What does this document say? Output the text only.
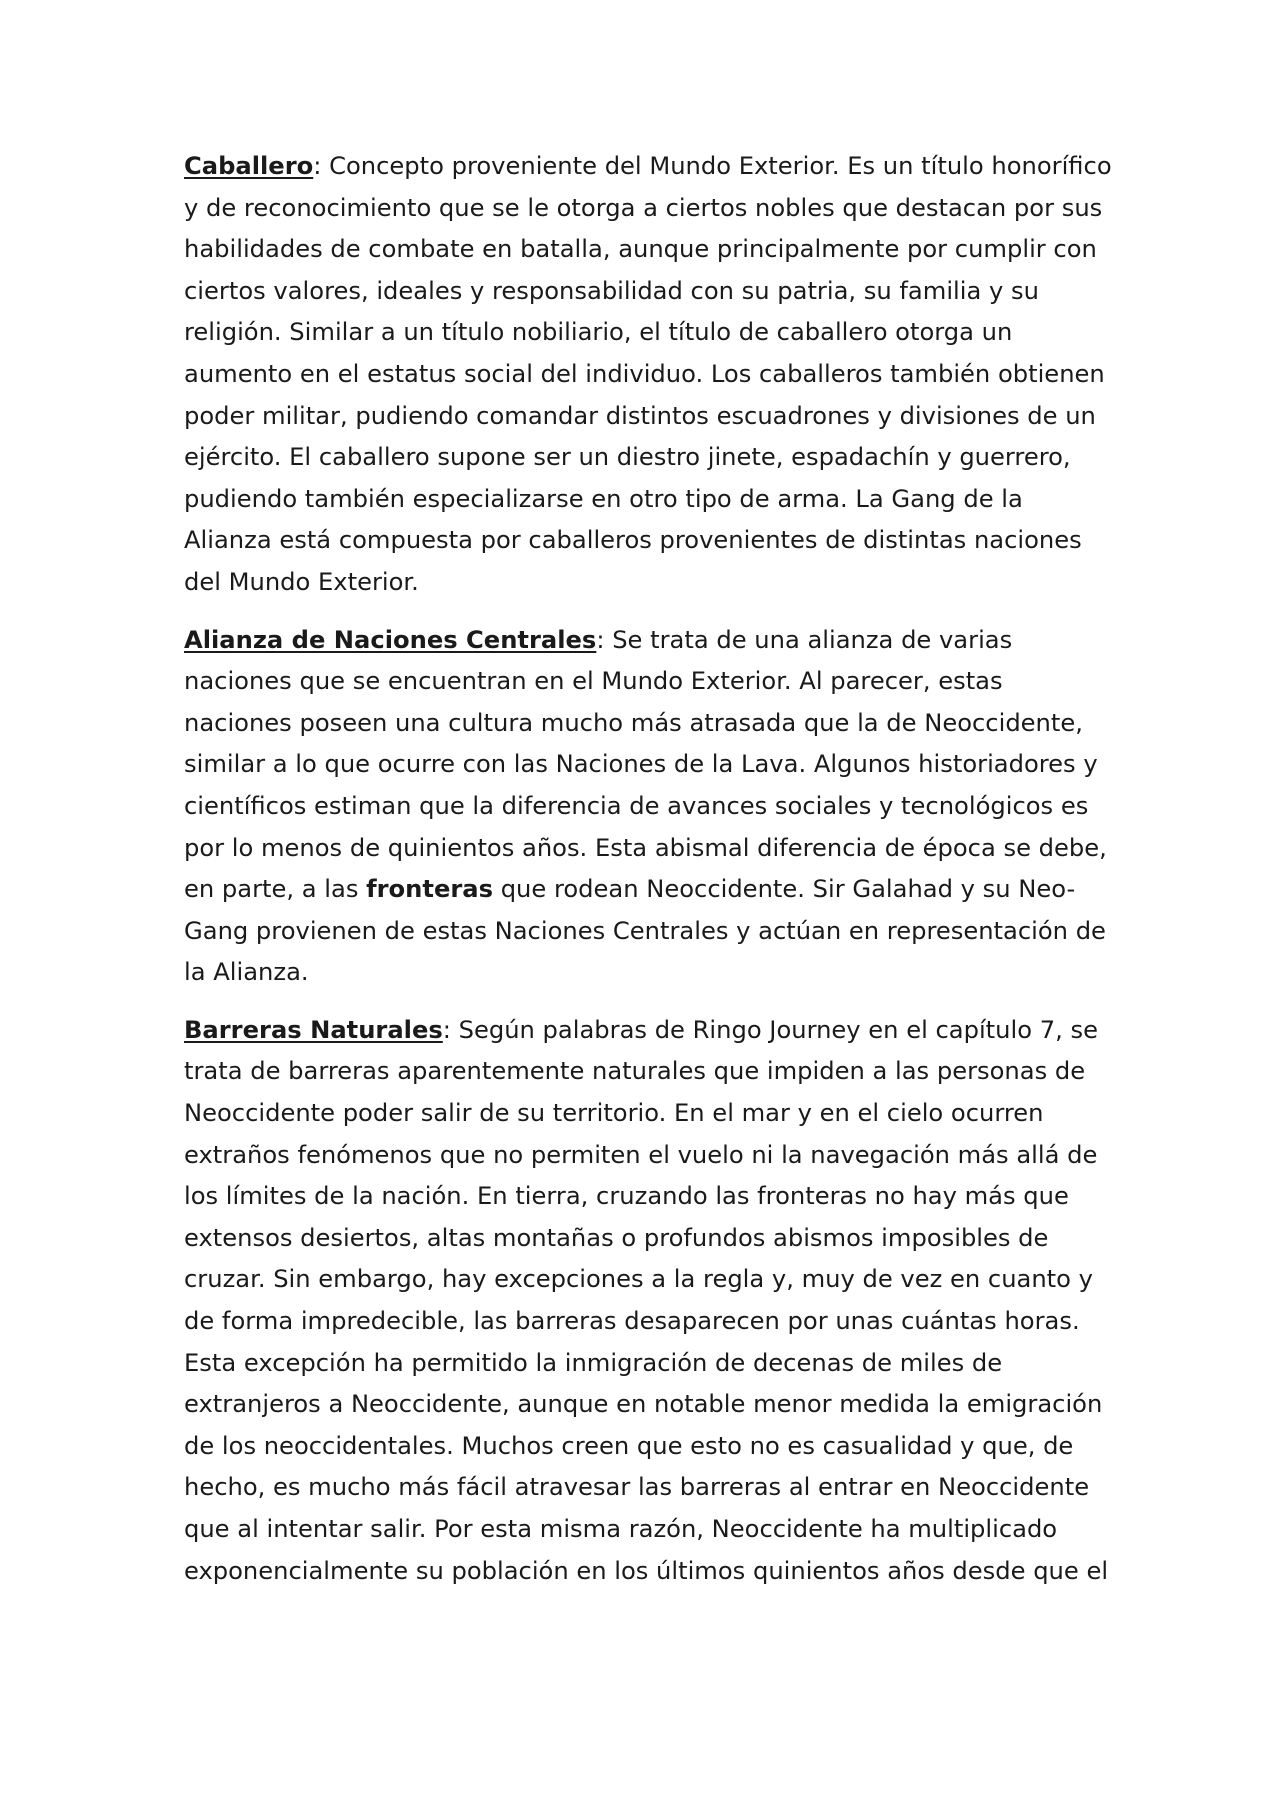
Caballero: Concepto proveniente del Mundo Exterior. Es un título honorífico y de reconocimiento que se le otorga a ciertos nobles que destacan por sus habilidades de combate en batalla, aunque principalmente por cumplir con ciertos valores, ideales y responsabilidad con su patria, su familia y su religión. Similar a un título nobiliario, el título de caballero otorga un aumento en el estatus social del individuo. Los caballeros también obtienen poder militar, pudiendo comandar distintos escuadrones y divisiones de un ejército. El caballero supone ser un diestro jinete, espadachín y guerrero, pudiendo también especializarse en otro tipo de arma. La Gang de la Alianza está compuesta por caballeros provenientes de distintas naciones del Mundo Exterior.

Alianza de Naciones Centrales: Se trata de una alianza de varias naciones que se encuentran en el Mundo Exterior. Al parecer, estas naciones poseen una cultura mucho más atrasada que la de Neoccidente, similar a lo que ocurre con las Naciones de la Lava. Algunos historiadores y científicos estiman que la diferencia de avances sociales y tecnológicos es por lo menos de quinientos años. Esta abismal diferencia de época se debe, en parte, a las fronteras que rodean Neoccidente. Sir Galahad y su Neo-Gang provienen de estas Naciones Centrales y actúan en representación de la Alianza.

Barreras Naturales: Según palabras de Ringo Journey en el capítulo 7, se trata de barreras aparentemente naturales que impiden a las personas de Neoccidente poder salir de su territorio. En el mar y en el cielo ocurren extraños fenómenos que no permiten el vuelo ni la navegación más allá de los límites de la nación. En tierra, cruzando las fronteras no hay más que extensos desiertos, altas montañas o profundos abismos imposibles de cruzar. Sin embargo, hay excepciones a la regla y, muy de vez en cuanto y de forma impredecible, las barreras desaparecen por unas cuántas horas. Esta excepción ha permitido la inmigración de decenas de miles de extranjeros a Neoccidente, aunque en notable menor medida la emigración de los neoccidentales. Muchos creen que esto no es casualidad y que, de hecho, es mucho más fácil atravesar las barreras al entrar en Neoccidente que al intentar salir. Por esta misma razón, Neoccidente ha multiplicado exponencialmente su población en los últimos quinientos años desde que el
